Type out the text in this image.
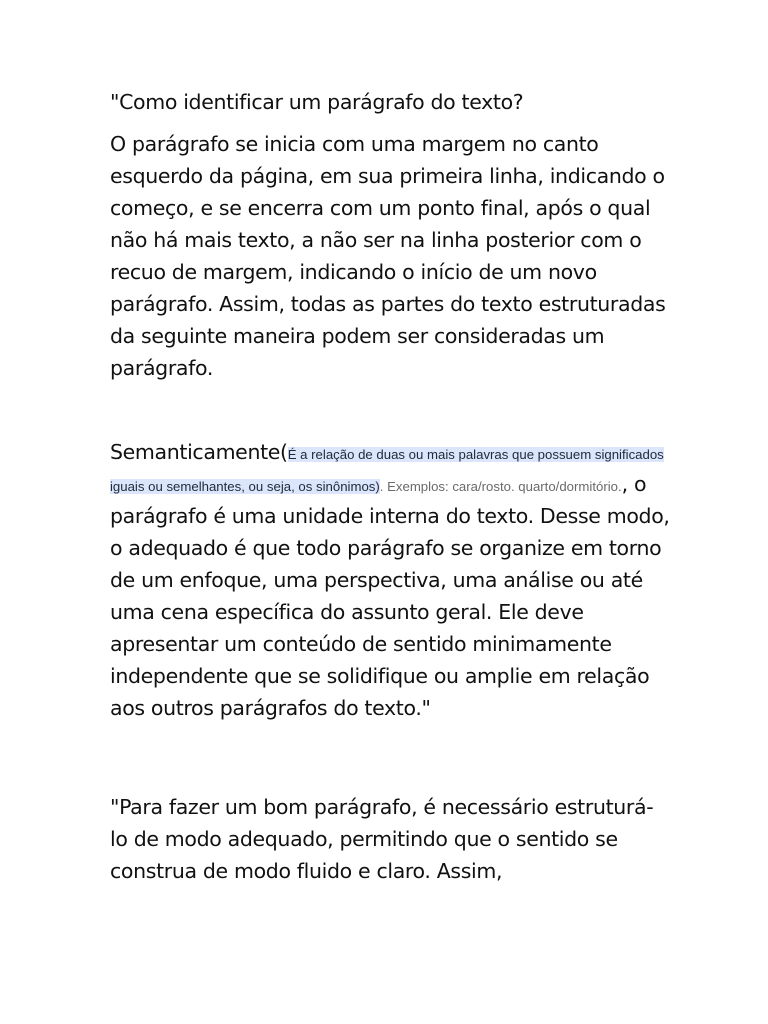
"Como identificar um parágrafo do texto?

O parágrafo se inicia com uma margem no canto esquerdo da página, em sua primeira linha, indicando o começo, e se encerra com um ponto final, após o qual não há mais texto, a não ser na linha posterior com o recuo de margem, indicando o início de um novo parágrafo. Assim, todas as partes do texto estruturadas da seguinte maneira podem ser consideradas um parágrafo.

Semanticamente(É a relação de duas ou mais palavras que possuem significados iguais ou semelhantes, ou seja, os sinônimos). Exemplos: cara/rosto. quarto/dormitório., o parágrafo é uma unidade interna do texto. Desse modo, o adequado é que todo parágrafo se organize em torno de um enfoque, uma perspectiva, uma análise ou até uma cena específica do assunto geral. Ele deve apresentar um conteúdo de sentido minimamente independente que se solidifique ou amplie em relação aos outros parágrafos do texto."

"Para fazer um bom parágrafo, é necessário estruturá-lo de modo adequado, permitindo que o sentido se construa de modo fluido e claro. Assim,
